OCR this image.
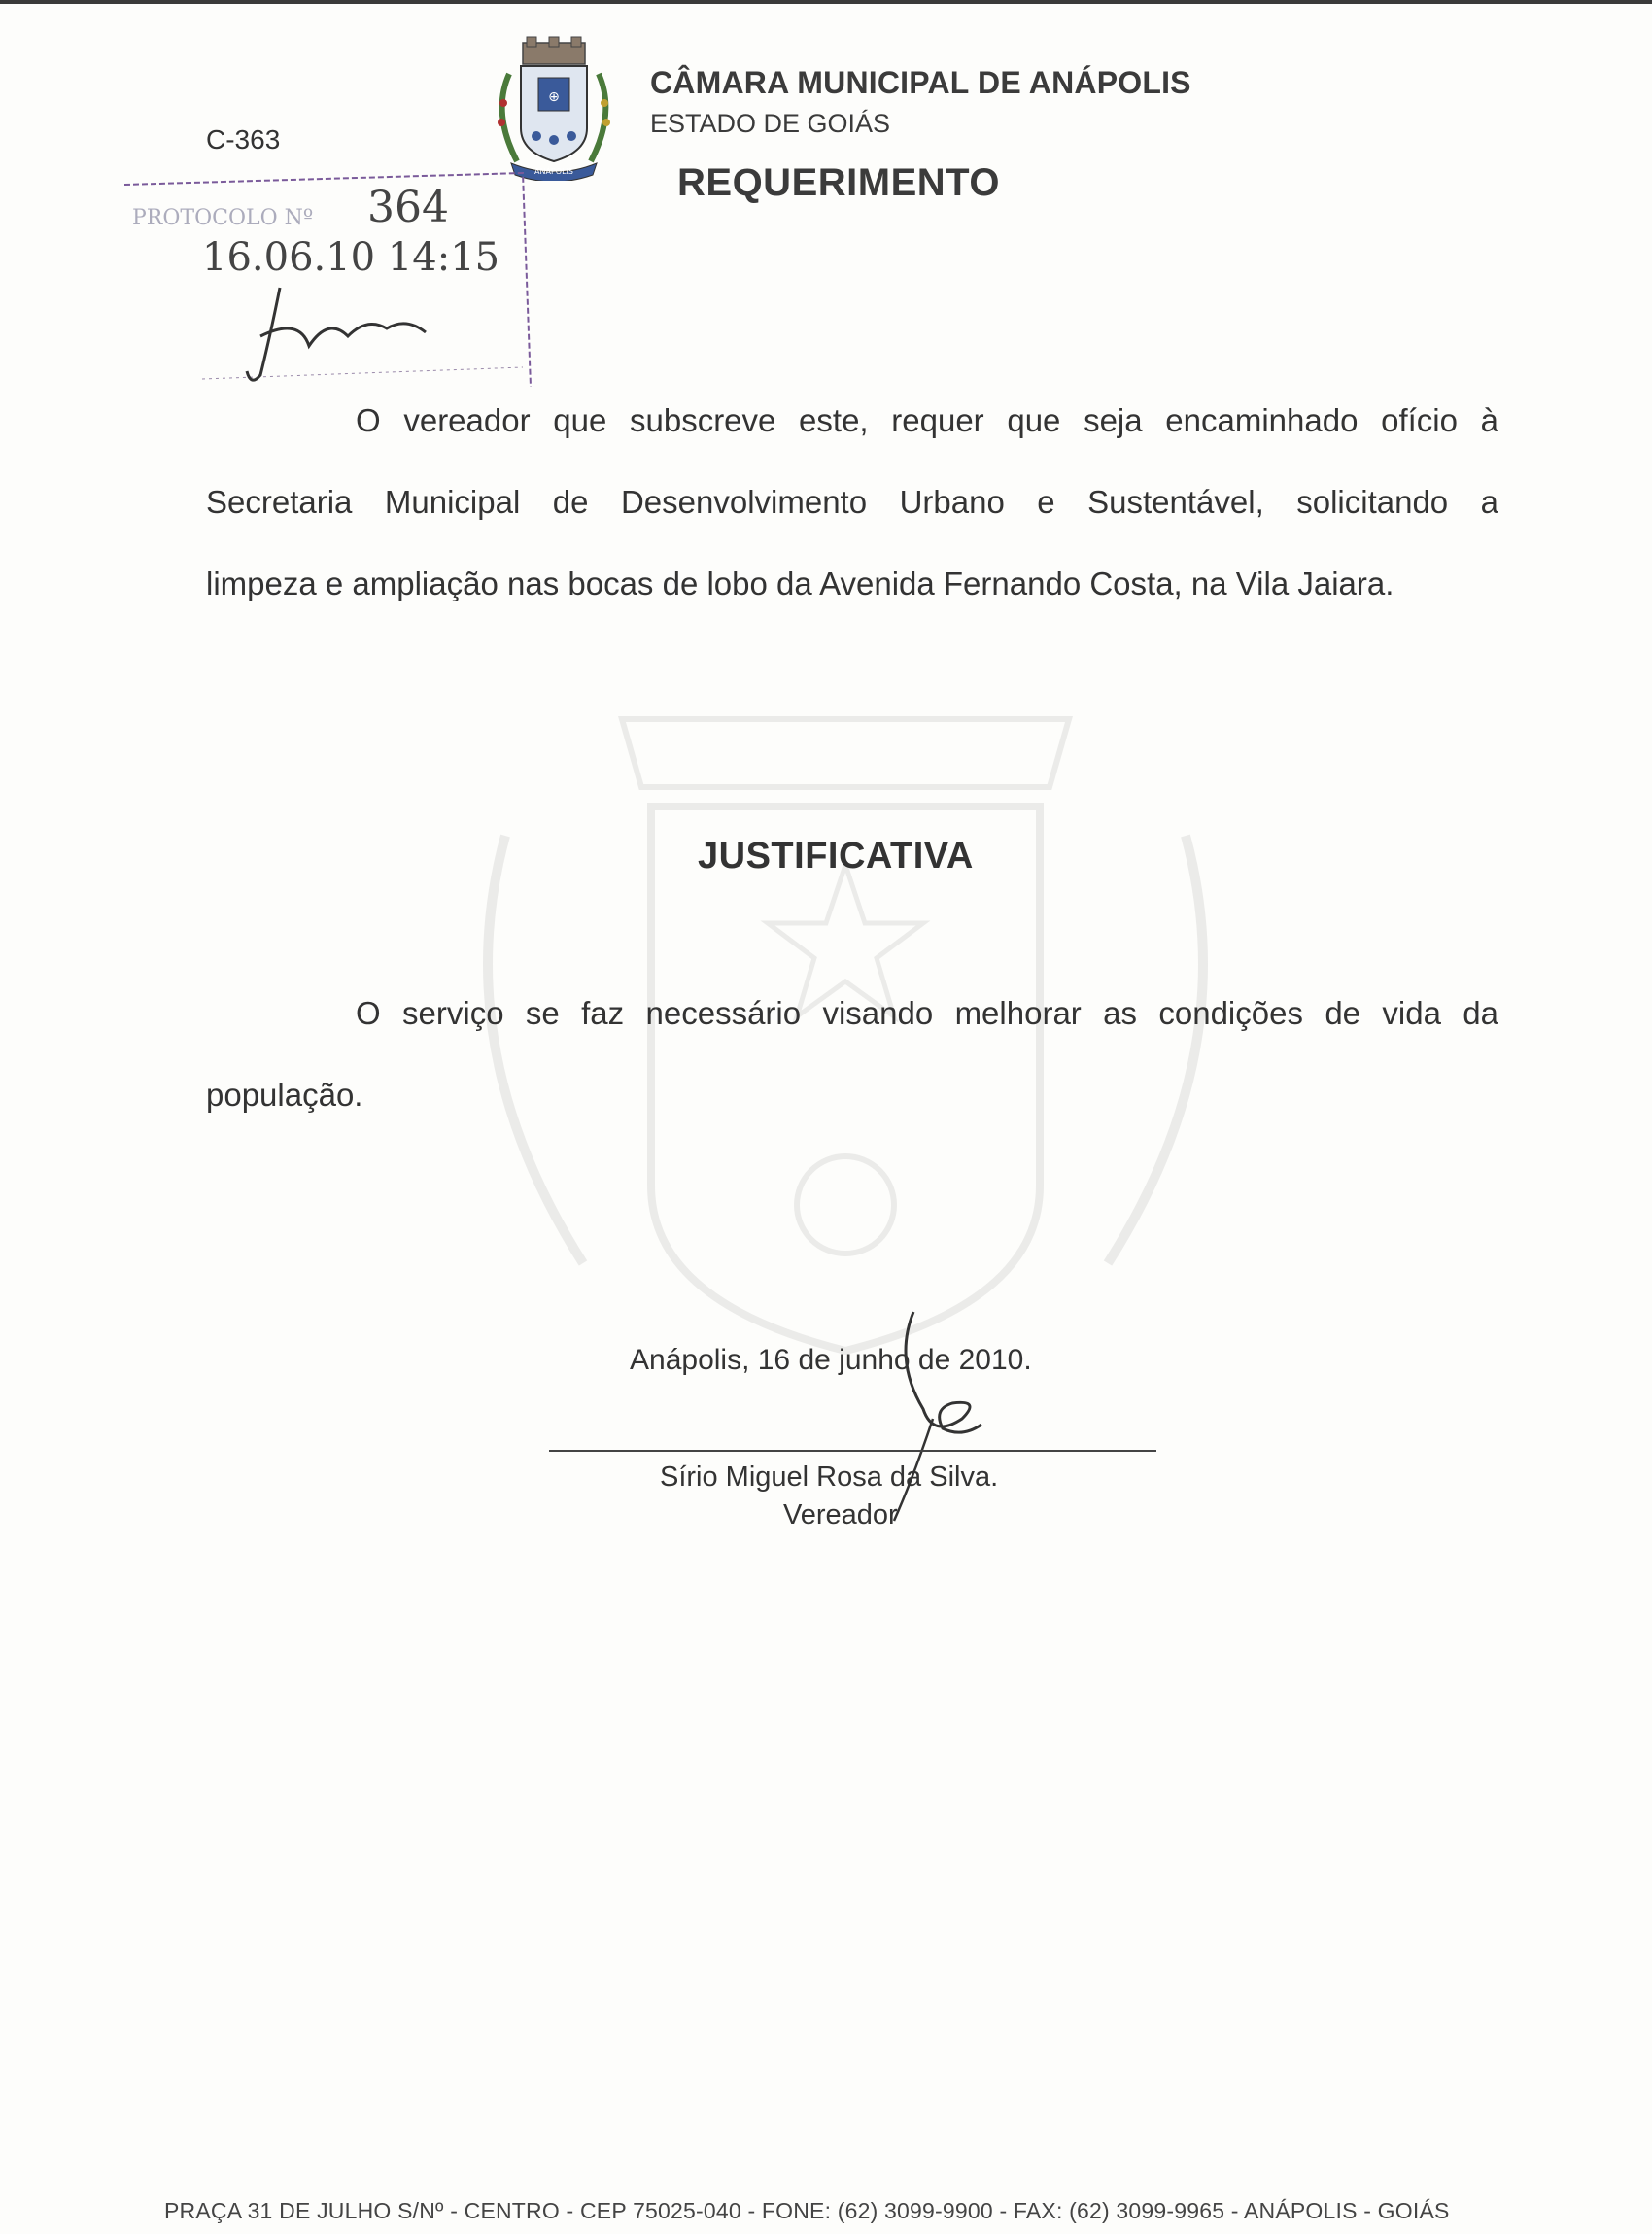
C-363
⊕
ANÁPOLIS
CÂMARA MUNICIPAL DE ANÁPOLIS
ESTADO DE GOIÁS
REQUERIMENTO
PROTOCOLO Nº 364
16.06.10 14:15
O vereador que subscreve este, requer que seja encaminhado ofício à
Secretaria Municipal de Desenvolvimento Urbano e Sustentável, solicitando a
limpeza e ampliação nas bocas de lobo da Avenida Fernando Costa, na Vila Jaiara.
JUSTIFICATIVA
O serviço se faz necessário visando melhorar as condições de vida da
população.
Anápolis, 16 de junho de 2010.
Sírio Miguel Rosa da Silva.
Vereador
PRAÇA 31 DE JULHO S/Nº - CENTRO - CEP 75025-040 - FONE: (62) 3099-9900 - FAX: (62) 3099-9965 - ANÁPOLIS - GOIÁS
